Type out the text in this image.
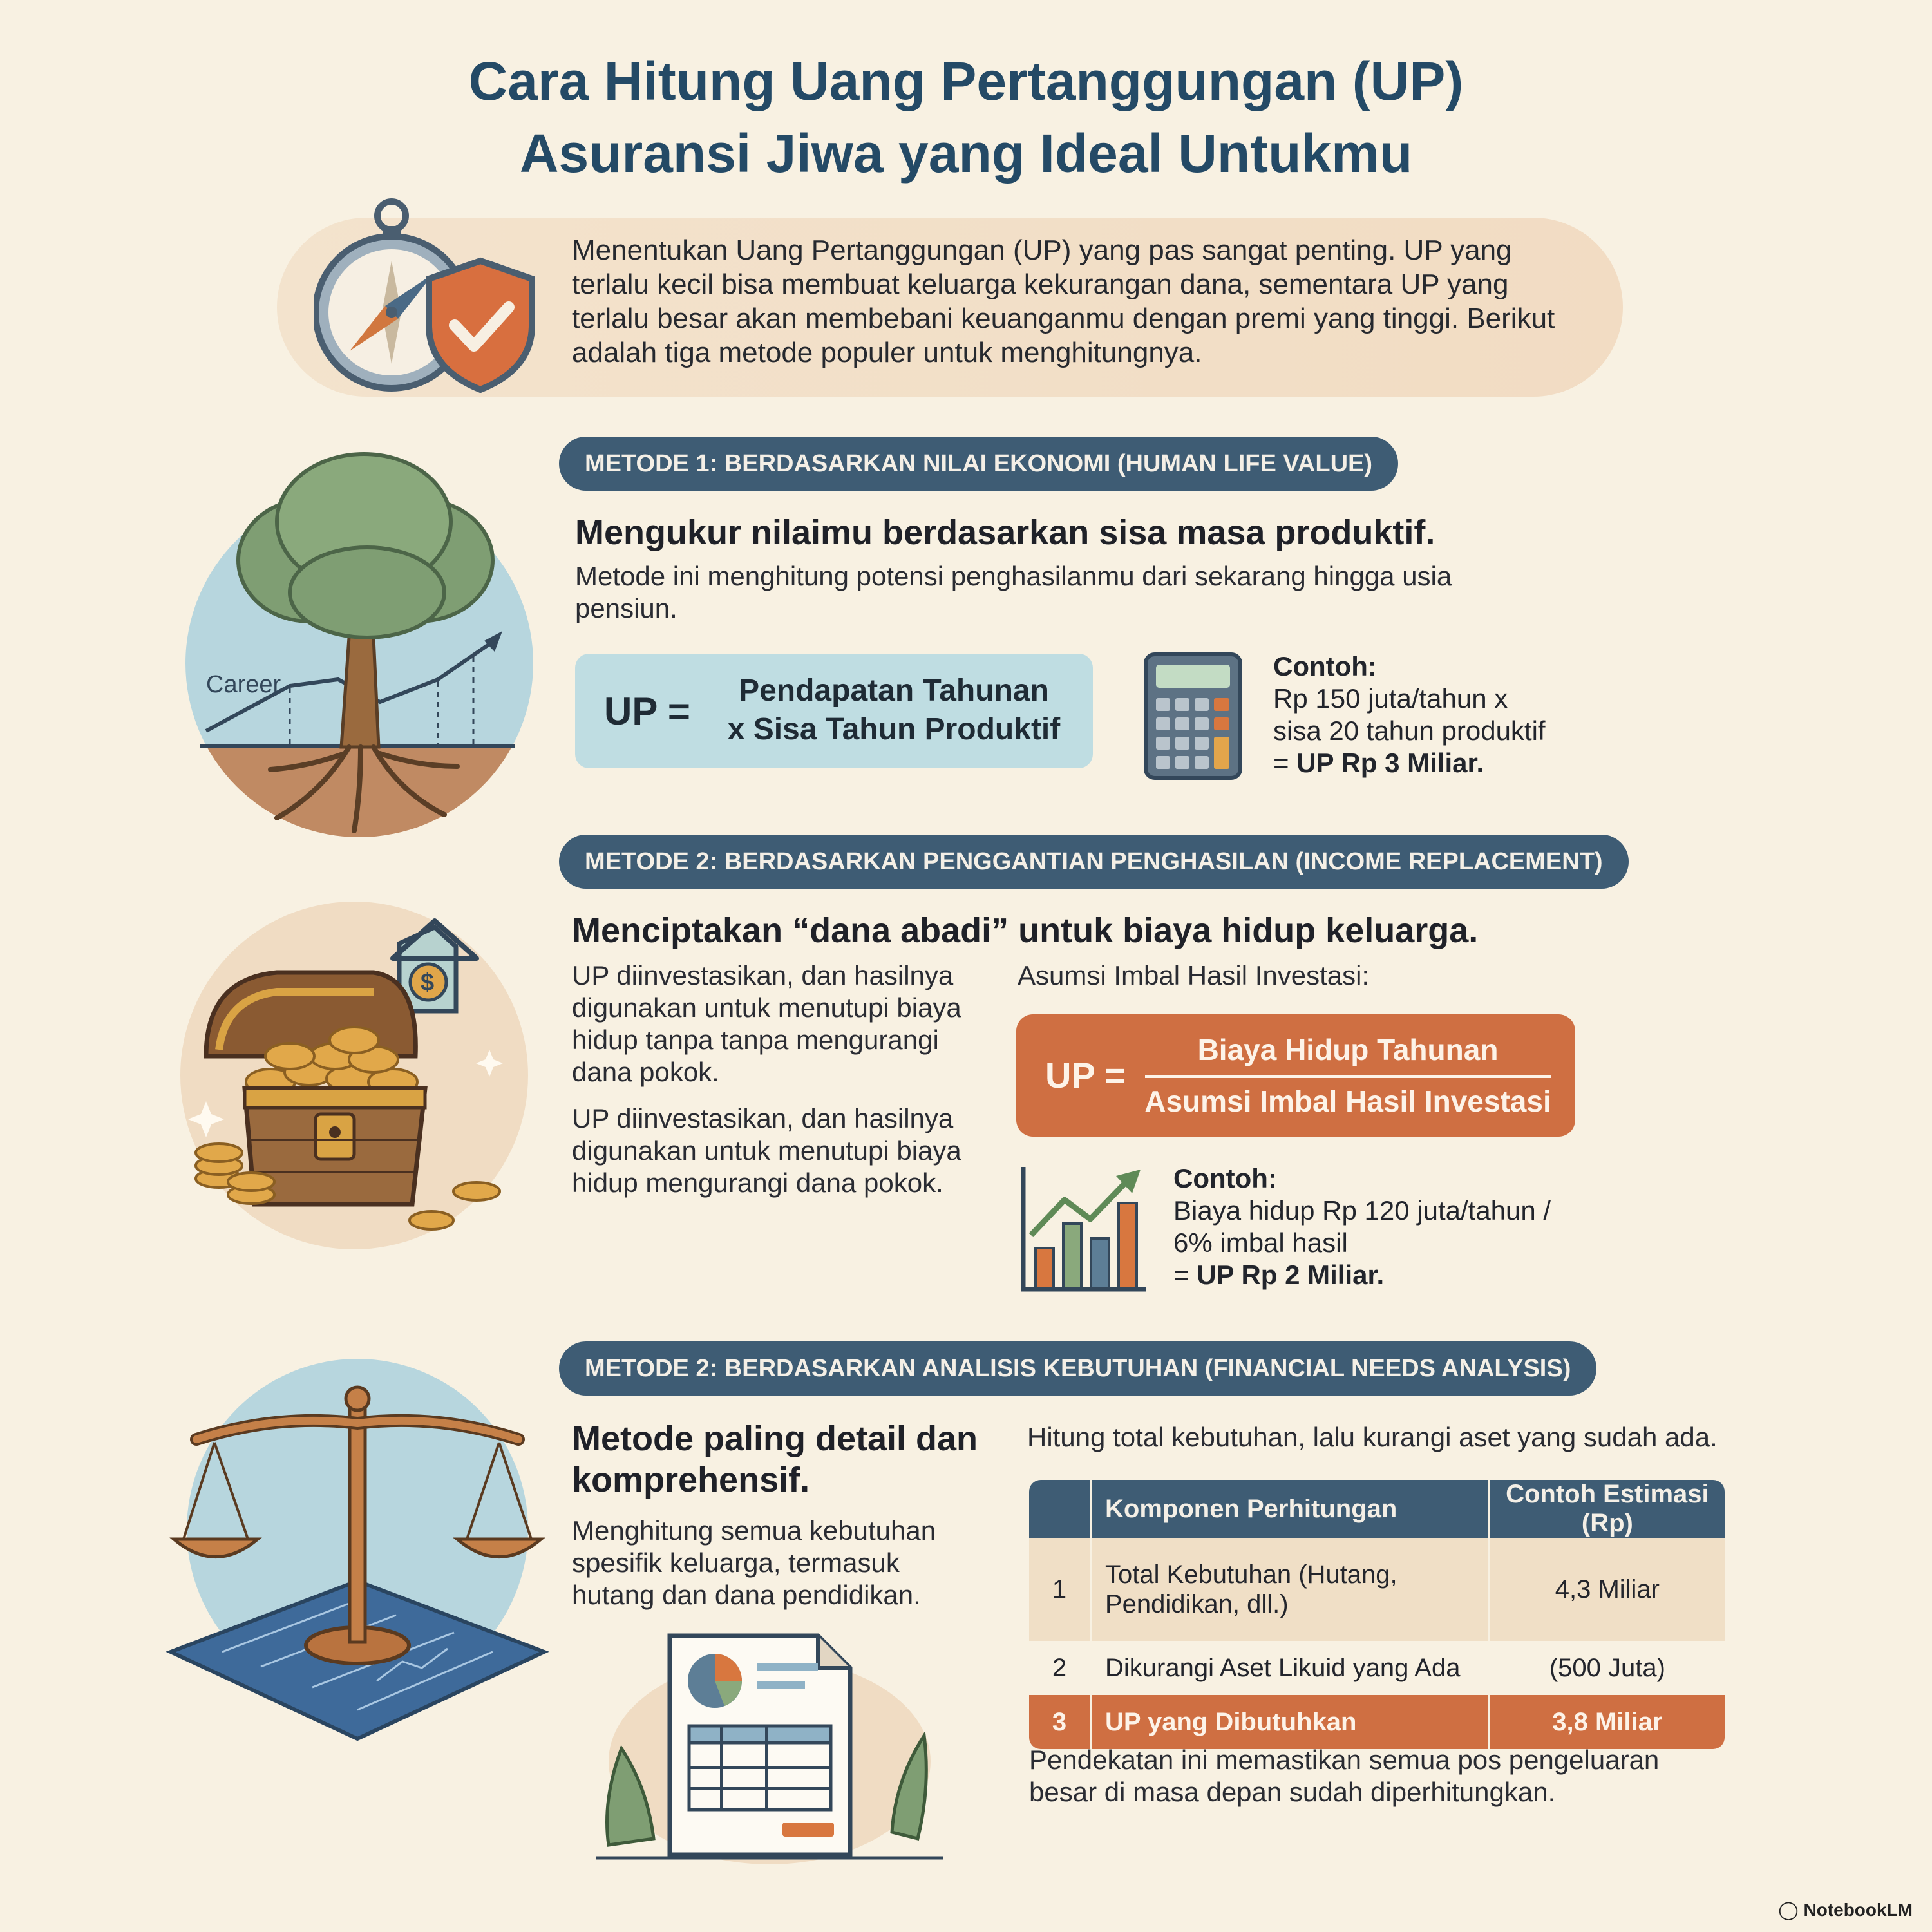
Cara Hitung Uang Pertanggungan (UP)
Asuransi Jiwa yang Ideal Untukmu
Menentukan Uang Pertanggungan (UP) yang pas sangat penting. UP yang terlalu kecil bisa membuat keluarga kekurangan dana, sementara UP yang terlalu besar akan membebani keuanganmu dengan premi yang tinggi. Berikut adalah tiga metode populer untuk menghitungnya.
METODE 1: BERDASARKAN NILAI EKONOMI (HUMAN LIFE VALUE)
Career
Mengukur nilaimu berdasarkan sisa masa produktif.
Metode ini menghitung potensi penghasilanmu dari sekarang hingga usia pensiun.
UP =	Pendapatan Tahunan
x Sisa Tahun Produktif
Contoh:
Rp 150 juta/tahun x
sisa 20 tahun produktif
= UP Rp 3 Miliar.
METODE 2: BERDASARKAN PENGGANTIAN PENGHASILAN (INCOME REPLACEMENT)
$
Menciptakan “dana abadi” untuk biaya hidup keluarga.
UP diinvestasikan, dan hasilnya digunakan untuk menutupi biaya hidup tanpa tanpa mengurangi dana pokok.
UP diinvestasikan, dan hasilnya digunakan untuk menutupi biaya hidup mengurangi dana pokok.
Asumsi Imbal Hasil Investasi:
UP =
Biaya Hidup Tahunan
Asumsi Imbal Hasil Investasi
Contoh:
Biaya hidup Rp 120 juta/tahun /
6% imbal hasil
= UP Rp 2 Miliar.
METODE 2: BERDASARKAN ANALISIS KEBUTUHAN (FINANCIAL NEEDS ANALYSIS)
Metode paling detail dan
komprehensif.
Menghitung semua kebutuhan spesifik keluarga, termasuk hutang dan dana pendidikan.
Hitung total kebutuhan, lalu kurangi aset yang sudah ada.
	Komponen Perhitungan	Contoh Estimasi (Rp)
1	Total Kebutuhan (Hutang, Pendidikan, dll.)	4,3 Miliar
2	Dikurangi Aset Likuid yang Ada	(500 Juta)
3	UP yang Dibutuhkan	3,8 Miliar
Pendekatan ini memastikan semua pos pengeluaran besar di masa depan sudah diperhitungkan.
◯ NotebookLM
